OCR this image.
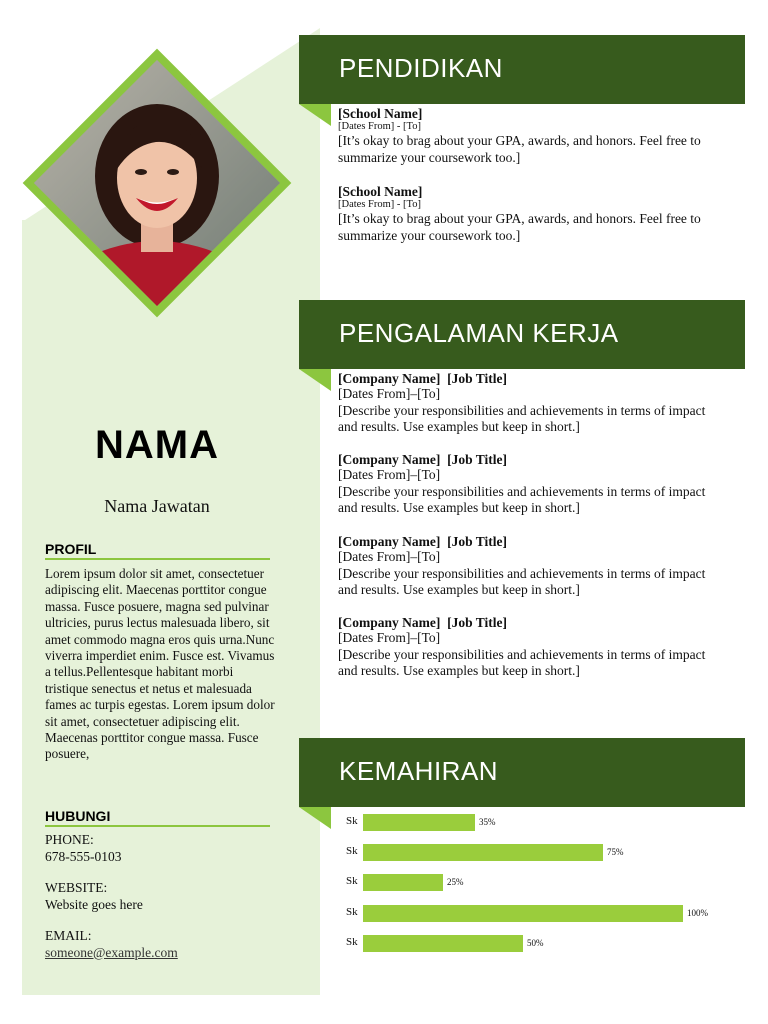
NAMA
Nama Jawatan
PROFIL
Lorem ipsum dolor sit amet, consectetuer adipiscing elit. Maecenas porttitor congue massa. Fusce posuere, magna sed pulvinar ultricies, purus lectus malesuada libero, sit amet commodo magna eros quis urna.Nunc viverra imperdiet enim. Fusce est. Vivamus a tellus.Pellentesque habitant morbi tristique senectus et netus et malesuada fames ac turpis egestas. Lorem ipsum dolor sit amet, consectetuer adipiscing elit. Maecenas porttitor congue massa. Fusce posuere,
HUBUNGI
PHONE:
678-555-0103
WEBSITE:
Website goes here
EMAIL:
someone@example.com
PENDIDIKAN
[School Name]
[Dates From] - [To]
[It’s okay to brag about your GPA, awards, and honors. Feel free to summarize your coursework too.]
[School Name]
[Dates From] - [To]
[It’s okay to brag about your GPA, awards, and honors. Feel free to summarize your coursework too.]
PENGALAMAN KERJA
[Company Name] [Job Title]
[Dates From]–[To]
[Describe your responsibilities and achievements in terms of impact and results. Use examples but keep in short.]
[Company Name] [Job Title]
[Dates From]–[To]
[Describe your responsibilities and achievements in terms of impact and results. Use examples but keep in short.]
[Company Name] [Job Title]
[Dates From]–[To]
[Describe your responsibilities and achievements in terms of impact and results. Use examples but keep in short.]
[Company Name] [Job Title]
[Dates From]–[To]
[Describe your responsibilities and achievements in terms of impact and results. Use examples but keep in short.]
KEMAHIRAN
Sk	35%
Sk	75%
Sk	25%
Sk	100%
Sk	50%
